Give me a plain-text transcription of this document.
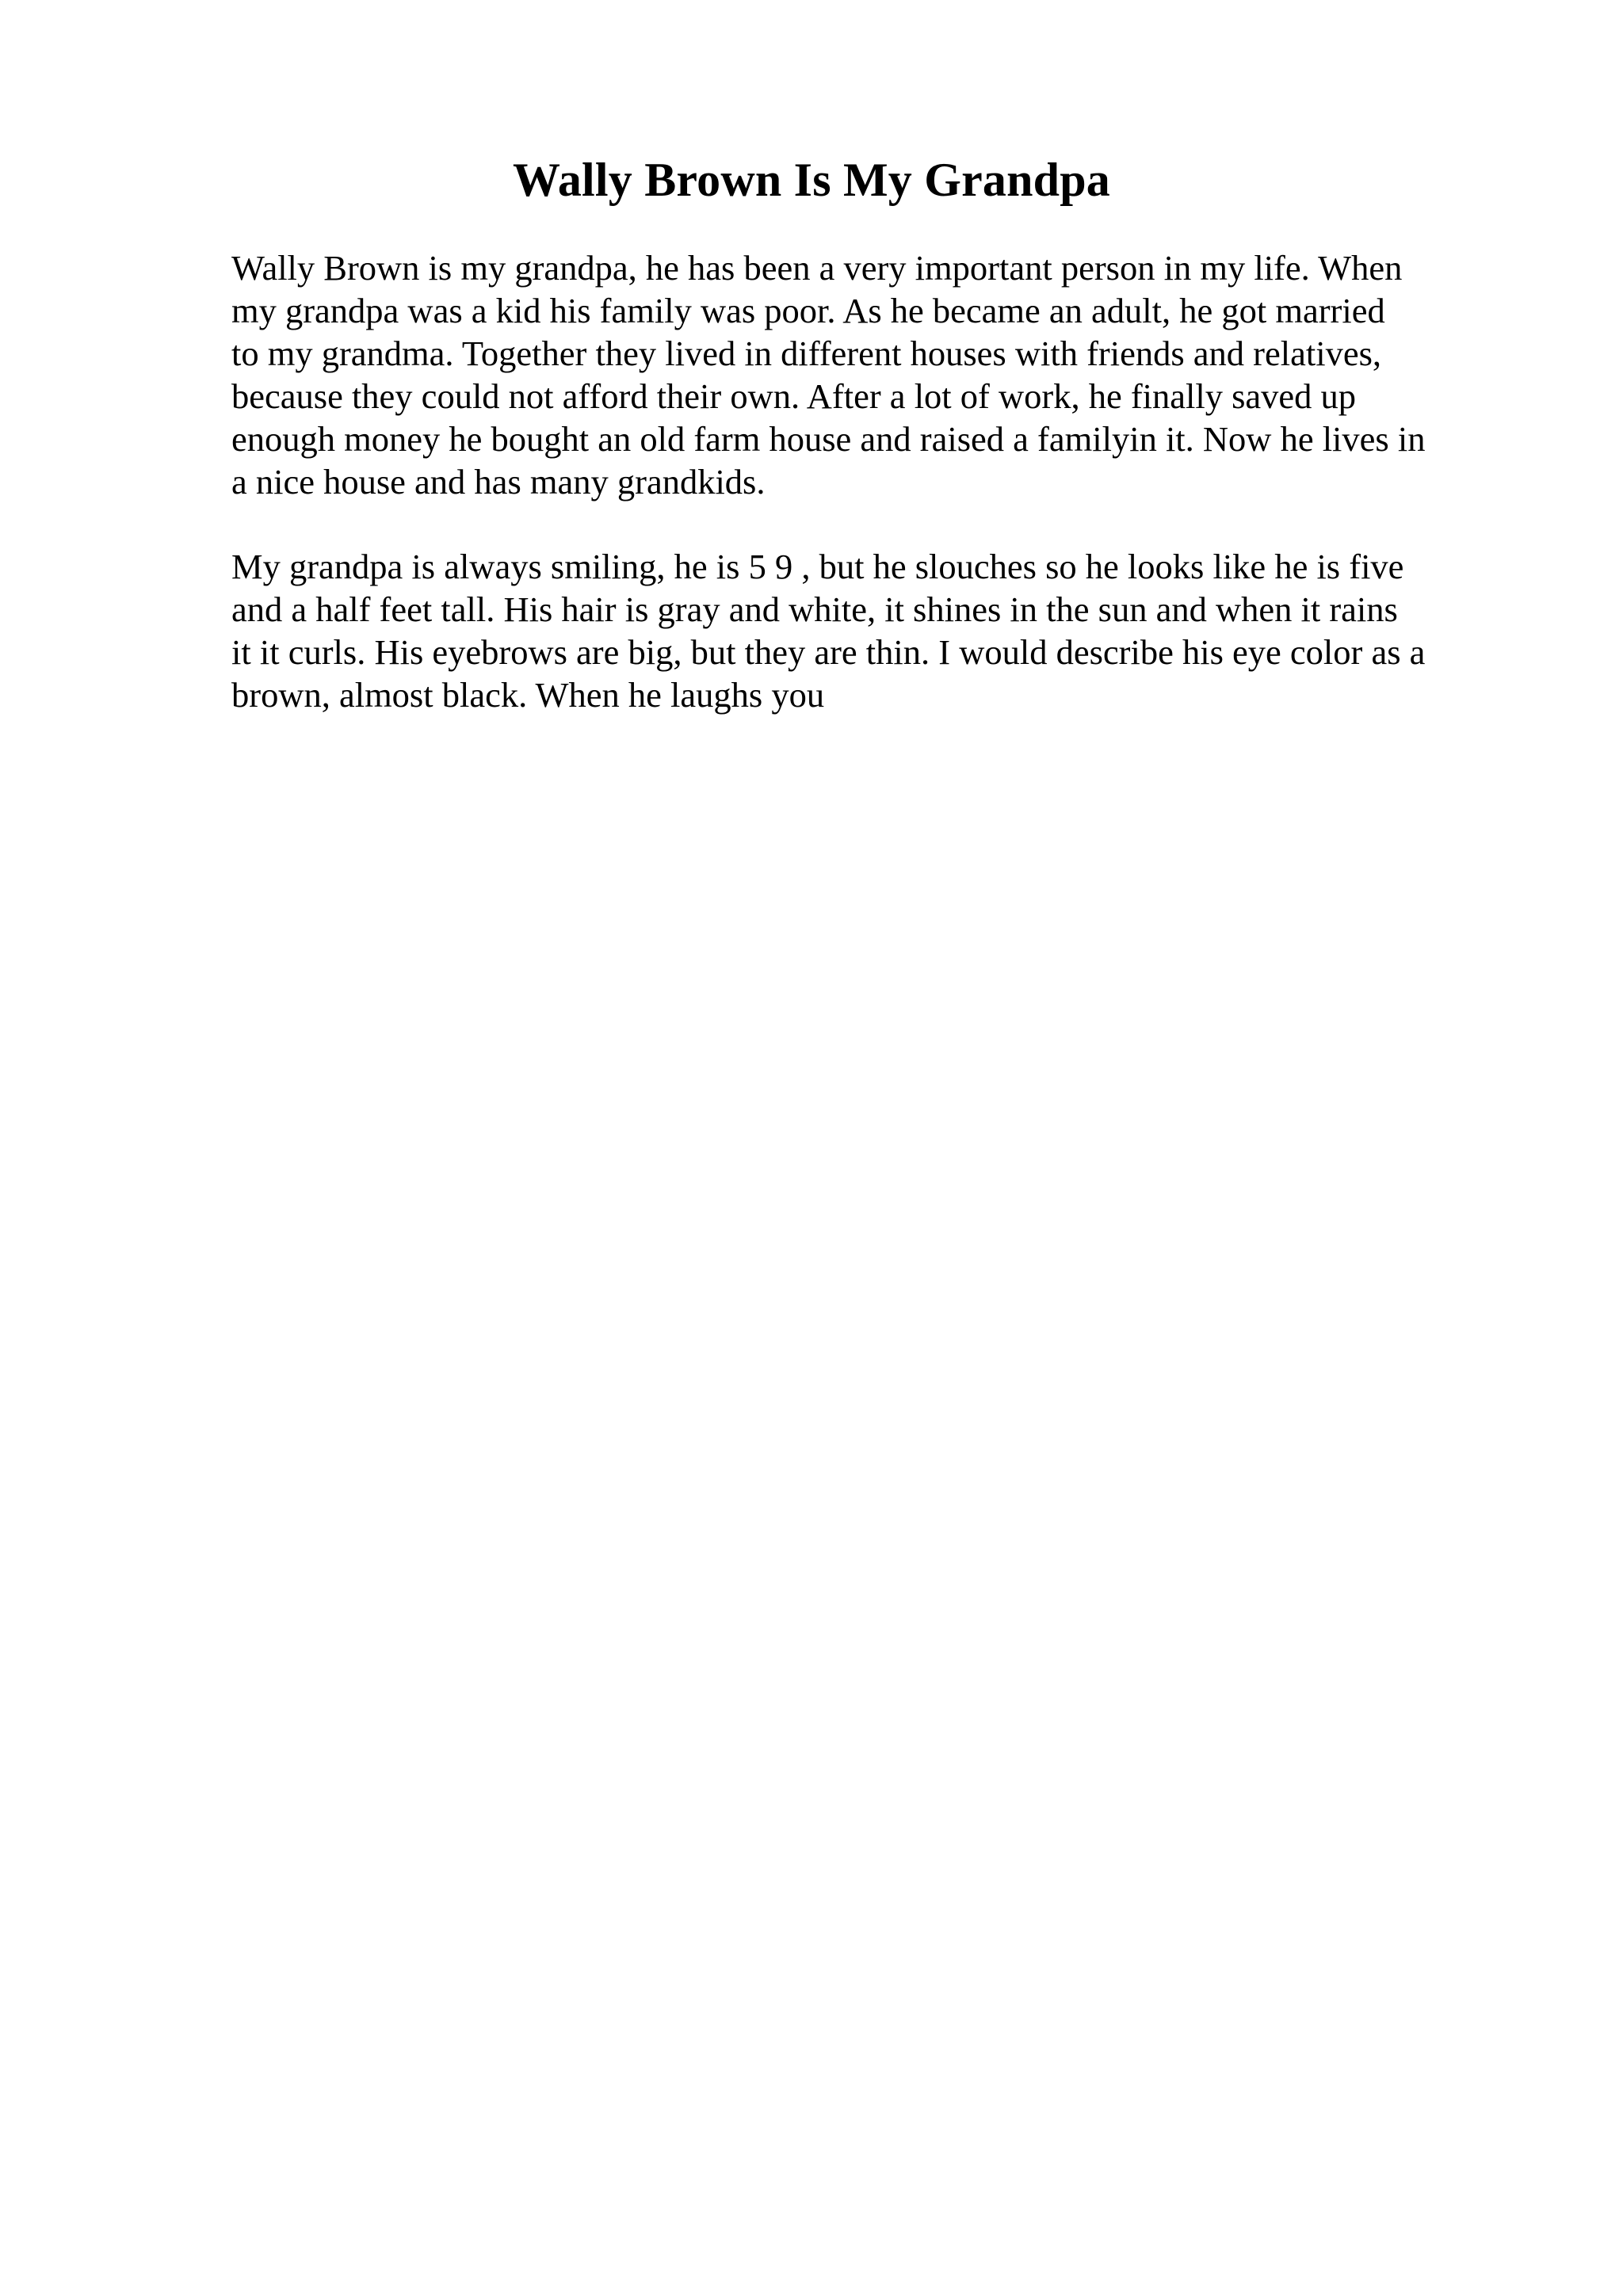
Wally Brown Is My Grandpa
Wally Brown is my grandpa, he has been a very important person in my life. When
my grandpa was a kid his family was poor. As he became an adult, he got married
to my grandma. Together they lived in different houses with friends and relatives,
because they could not afford their own. After a lot of work, he finally saved up
enough money he bought an old farm house and raised a familyin it. Now he lives in
a nice house and has many grandkids.
My grandpa is always smiling, he is 5 9 , but he slouches so he looks like he is five
and a half feet tall. His hair is gray and white, it shines in the sun and when it rains
it it curls. His eyebrows are big, but they are thin. I would describe his eye color as a
brown, almost black. When he laughs you
